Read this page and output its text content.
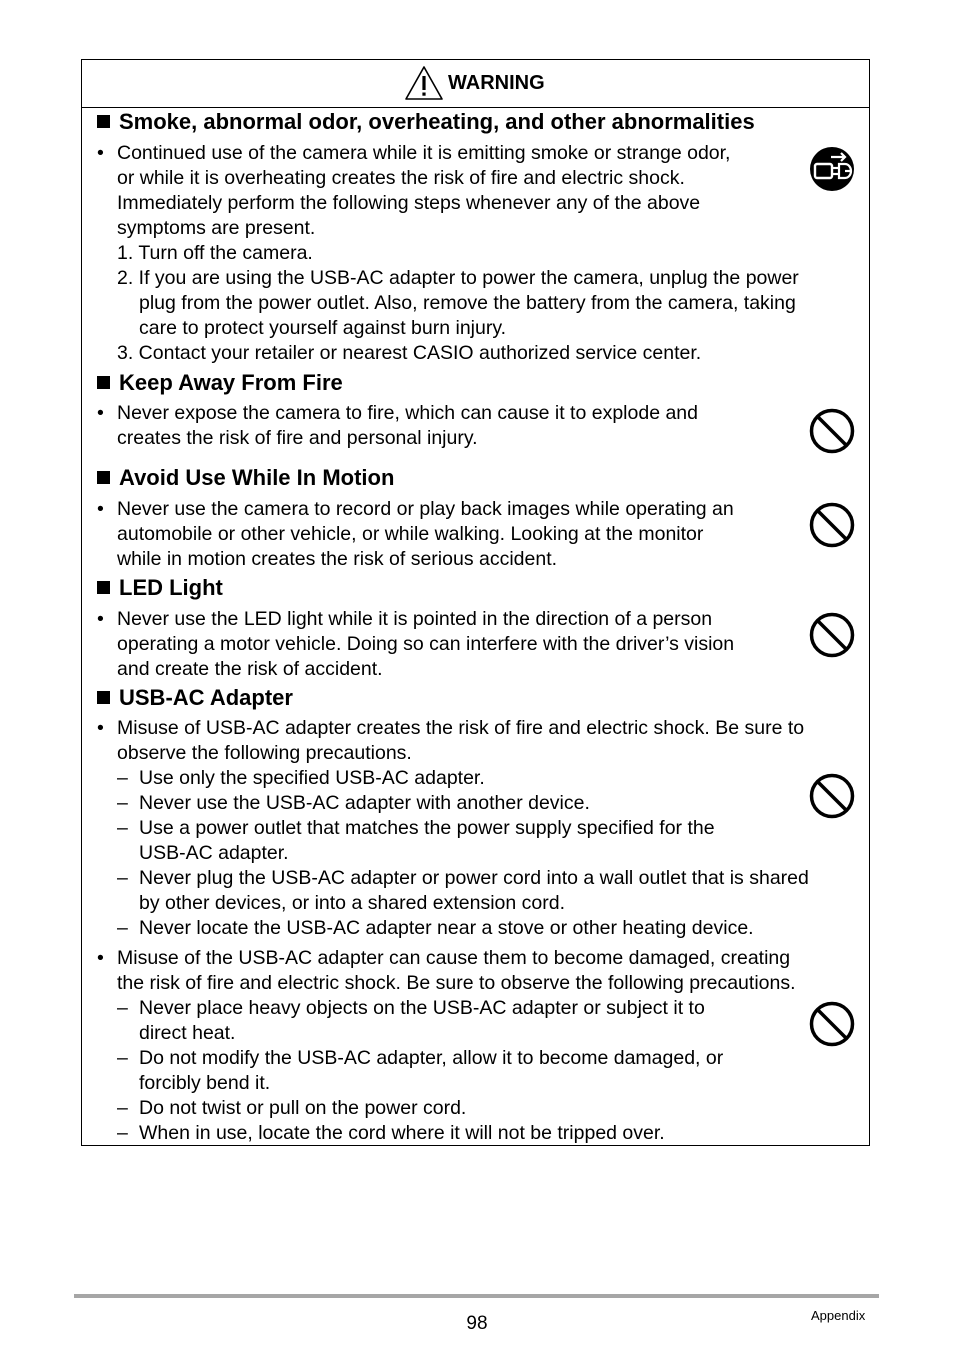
WARNING
Smoke, abnormal odor, overheating, and other abnormalities
• Continued use of the camera while it is emitting smoke or strange odor,
or while it is overheating creates the risk of fire and electric shock.
Immediately perform the following steps whenever any of the above
symptoms are present.
1. Turn off the camera.
2. If you are using the USB-AC adapter to power the camera, unplug the power
plug from the power outlet. Also, remove the battery from the camera, taking
care to protect yourself against burn injury.
3. Contact your retailer or nearest CASIO authorized service center.
Keep Away From Fire
• Never expose the camera to fire, which can cause it to explode and
creates the risk of fire and personal injury.
Avoid Use While In Motion
• Never use the camera to record or play back images while operating an
automobile or other vehicle, or while walking. Looking at the monitor
while in motion creates the risk of serious accident.
LED Light
• Never use the LED light while it is pointed in the direction of a person
operating a motor vehicle. Doing so can interfere with the driver’s vision
and create the risk of accident.
USB-AC Adapter
• Misuse of USB-AC adapter creates the risk of fire and electric shock. Be sure to
observe the following precautions.
– Use only the specified USB-AC adapter.
– Never use the USB-AC adapter with another device.
– Use a power outlet that matches the power supply specified for the
USB-AC adapter.
– Never plug the USB-AC adapter or power cord into a wall outlet that is shared
by other devices, or into a shared extension cord.
– Never locate the USB-AC adapter near a stove or other heating device.
• Misuse of the USB-AC adapter can cause them to become damaged, creating
the risk of fire and electric shock. Be sure to observe the following precautions.
– Never place heavy objects on the USB-AC adapter or subject it to
direct heat.
– Do not modify the USB-AC adapter, allow it to become damaged, or
forcibly bend it.
– Do not twist or pull on the power cord.
– When in use, locate the cord where it will not be tripped over.
98	Appendix
